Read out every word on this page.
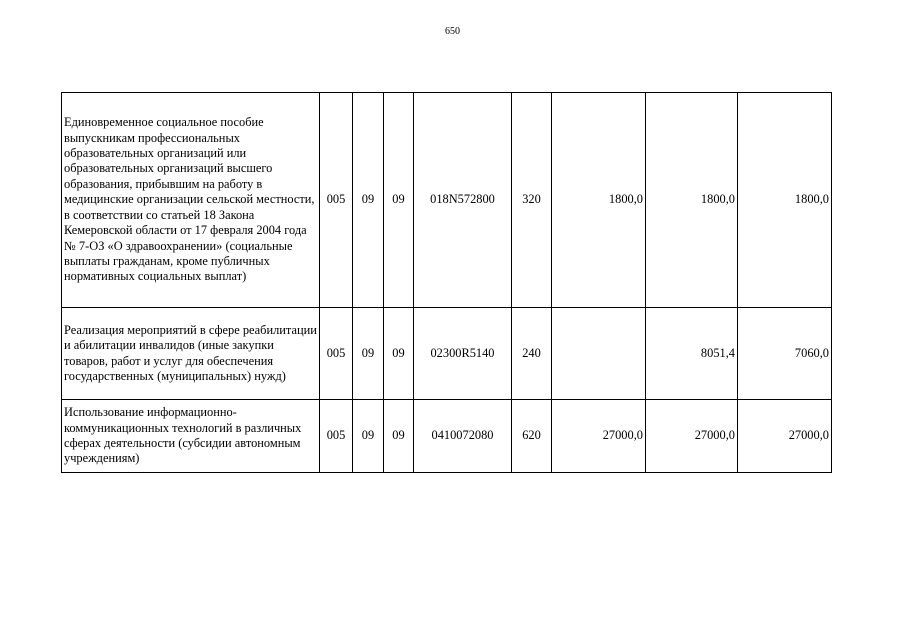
650
Единовременное социальное пособие выпускникам профессиональных образовательных организаций или образовательных организаций высшего образования, прибывшим на работу в медицинские организации сельской местности, в соответствии со статьей 18 Закона Кемеровской области от 17 февраля 2004 года № 7-ОЗ «О здравоохранении» (социальные выплаты гражданам, кроме публичных нормативных социальных выплат)	005	09	09	018N572800	320	1800,0	1800,0	1800,0
Реализация мероприятий в сфере реабилитации и абилитации инвалидов (иные закупки товаров, работ и услуг для обеспечения государственных (муниципальных) нужд)	005	09	09	02300R5140	240		8051,4	7060,0
Использование информационно-коммуникационных технологий в различных сферах деятельности (субсидии автономным учреждениям)	005	09	09	0410072080	620	27000,0	27000,0	27000,0
